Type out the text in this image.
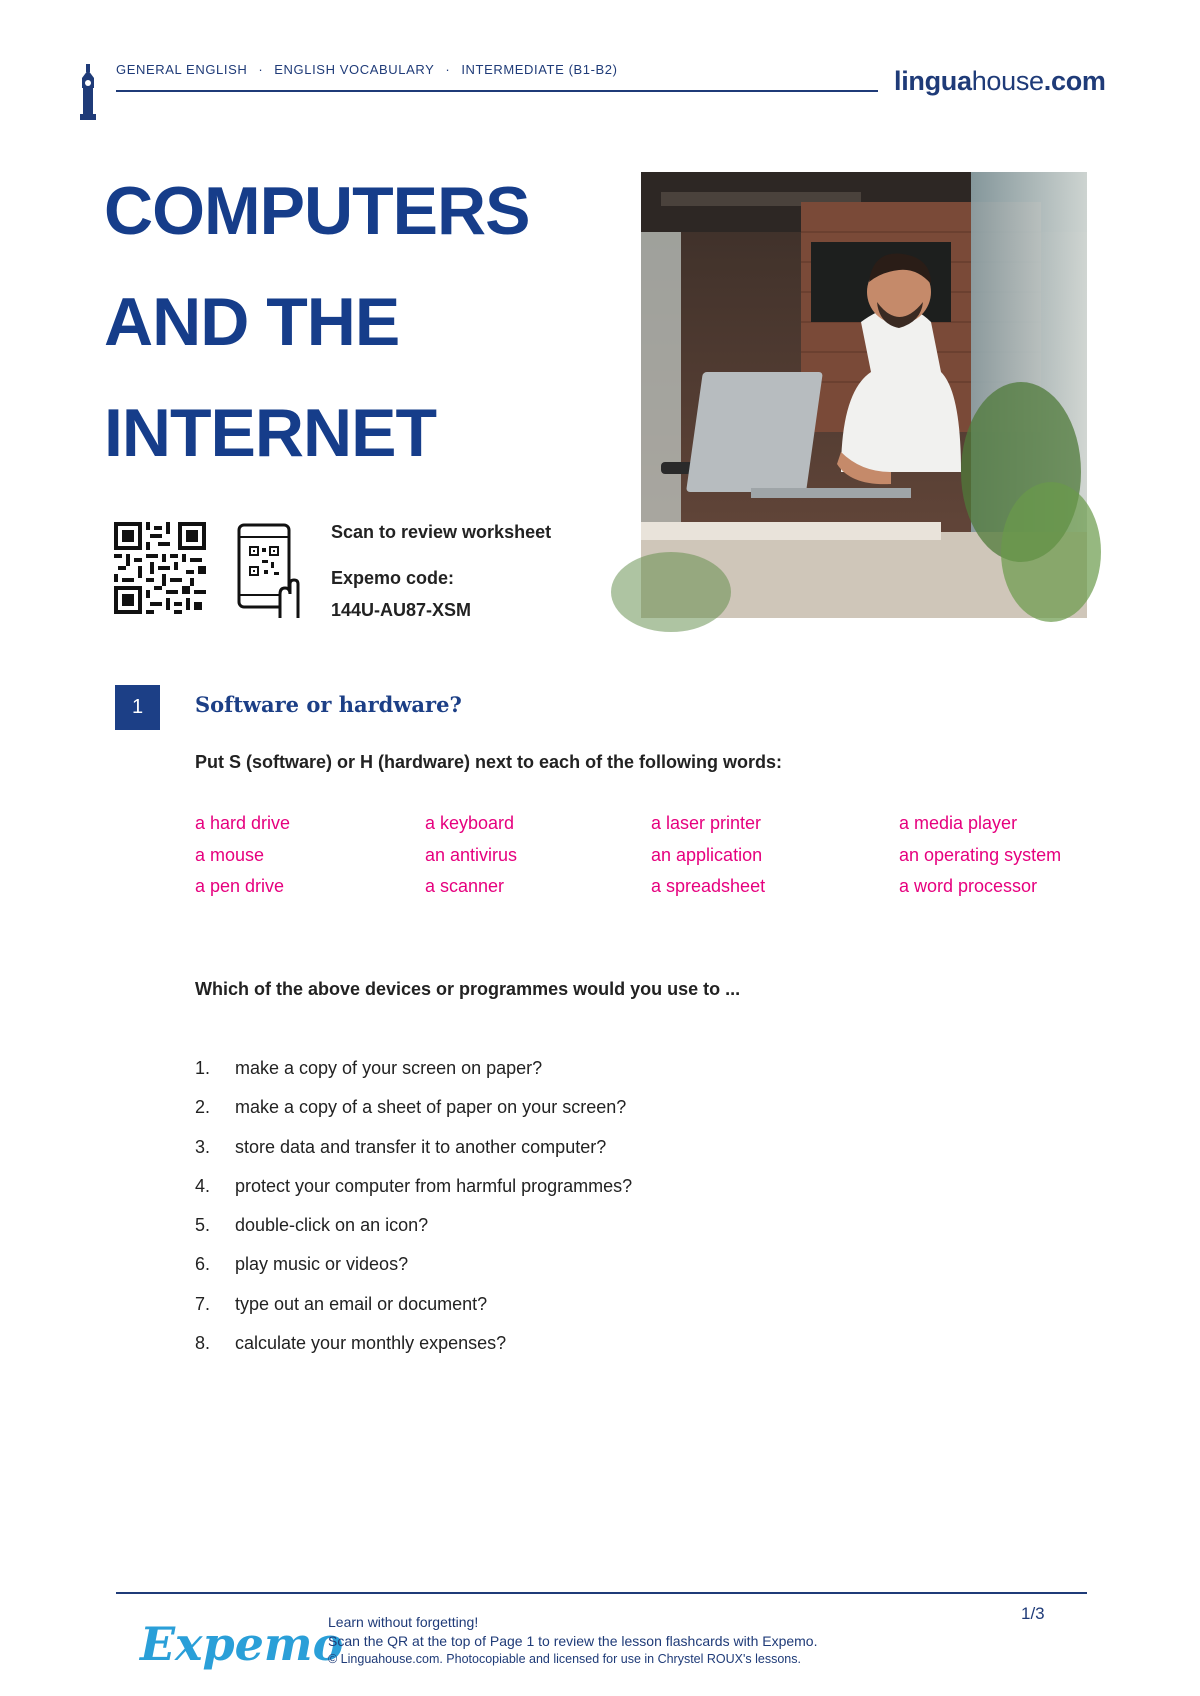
GENERAL ENGLISH · ENGLISH VOCABULARY · INTERMEDIATE (B1-B2)	linguahouse.com
COMPUTERS
AND THE
INTERNET
Scan to review worksheet
Expemo code:
144U-AU87-XSM
1	Software or hardware?
Put S (software) or H (hardware) next to each of the following words:
a hard drive	a keyboard	a laser printer	a media player
a mouse	an antivirus	an application	an operating system
a pen drive	a scanner	a spreadsheet	a word processor
Which of the above devices or programmes would you use to ...
1. make a copy of your screen on paper?
2. make a copy of a sheet of paper on your screen?
3. store data and transfer it to another computer?
4. protect your computer from harmful programmes?
5. double-click on an icon?
6. play music or videos?
7. type out an email or document?
8. calculate your monthly expenses?
Expemo
Learn without forgetting!
Scan the QR at the top of Page 1 to review the lesson flashcards with Expemo.
© Linguahouse.com. Photocopiable and licensed for use in Chrystel ROUX's lessons.
1/3
